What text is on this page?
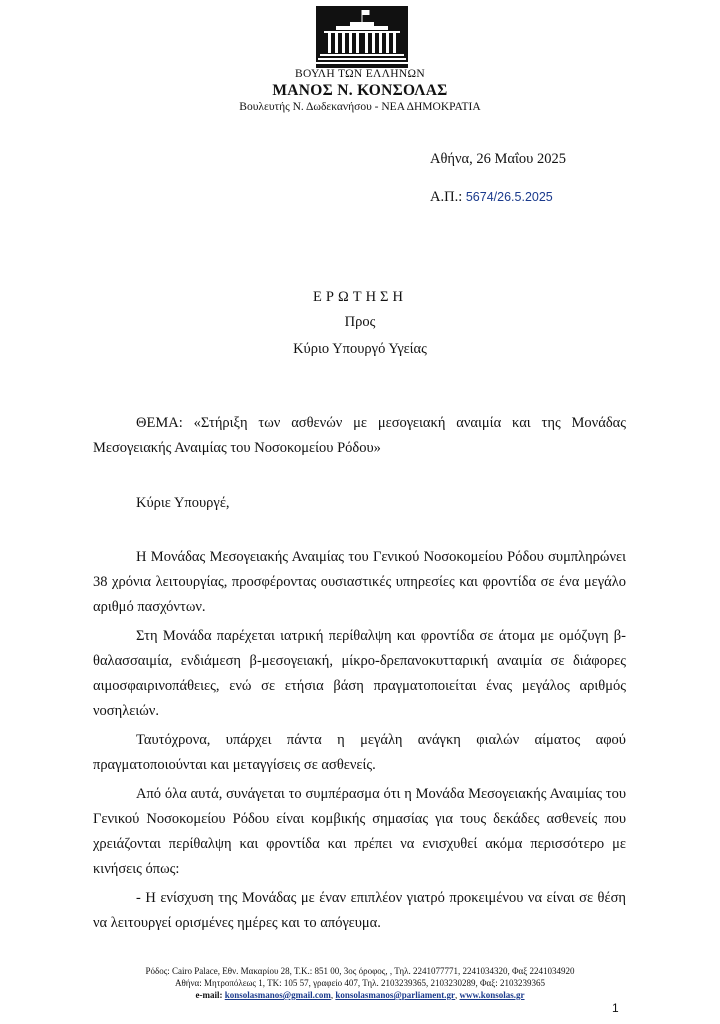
ΒΟΥΛΗ ΤΩΝ ΕΛΛΗΝΩΝ
ΜΑΝΟΣ Ν. ΚΟΝΣΟΛΑΣ
Βουλευτής Ν. Δωδεκανήσου - ΝΕΑ ΔΗΜΟΚΡΑΤΙΑ
Αθήνα, 26 Μαΐου 2025
Α.Π.: 5674/26.5.2025
ΕΡΩΤΗΣΗ
Προς
Κύριο Υπουργό Υγείας

ΘΕΜΑ: «Στήριξη των ασθενών με μεσογειακή αναιμία και της Μονάδας Μεσογειακής Αναιμίας του Νοσοκομείου Ρόδου»

Κύριε Υπουργέ,

Η Μονάδας Μεσογειακής Αναιμίας του Γενικού Νοσοκομείου Ρόδου συμπληρώνει 38 χρόνια λειτουργίας, προσφέροντας ουσιαστικές υπηρεσίες και φροντίδα σε ένα μεγάλο αριθμό πασχόντων.

Στη Μονάδα παρέχεται ιατρική περίθαλψη και φροντίδα σε άτομα με ομόζυγη β-θαλασσαιμία, ενδιάμεση β-μεσογειακή, μίκρο-δρεπανοκυτταρική αναιμία σε διάφορες αιμοσφαιρινοπάθειες, ενώ σε ετήσια βάση πραγματοποιείται ένας μεγάλος αριθμός νοσηλειών.

Ταυτόχρονα, υπάρχει πάντα η μεγάλη ανάγκη φιαλών αίματος αφού πραγματοποιούνται και μεταγγίσεις σε ασθενείς.

Από όλα αυτά, συνάγεται το συμπέρασμα ότι η Μονάδα Μεσογειακής Αναιμίας του Γενικού Νοσοκομείου Ρόδου είναι κομβικής σημασίας για τους δεκάδες ασθενείς που χρειάζονται περίθαλψη και φροντίδα και πρέπει να ενισχυθεί ακόμα περισσότερο με κινήσεις όπως:

- Η ενίσχυση της Μονάδας με έναν επιπλέον γιατρό προκειμένου να είναι σε θέση να λειτουργεί ορισμένες ημέρες και το απόγευμα.

Ρόδος: Cairo Palace, Εθν. Μακαρίου 28, Τ.Κ.: 851 00, 3ος όροφος, , Τηλ. 2241077771, 2241034320, Φαξ 2241034920
Αθήνα: Μητροπόλεως 1, ΤΚ: 105 57, γραφείο 407, Τηλ. 2103239365, 2103230289, Φαξ: 2103239365
e-mail: konsolasmanos@gmail.com, konsolasmanos@parliament.gr, www.konsolas.gr
1
